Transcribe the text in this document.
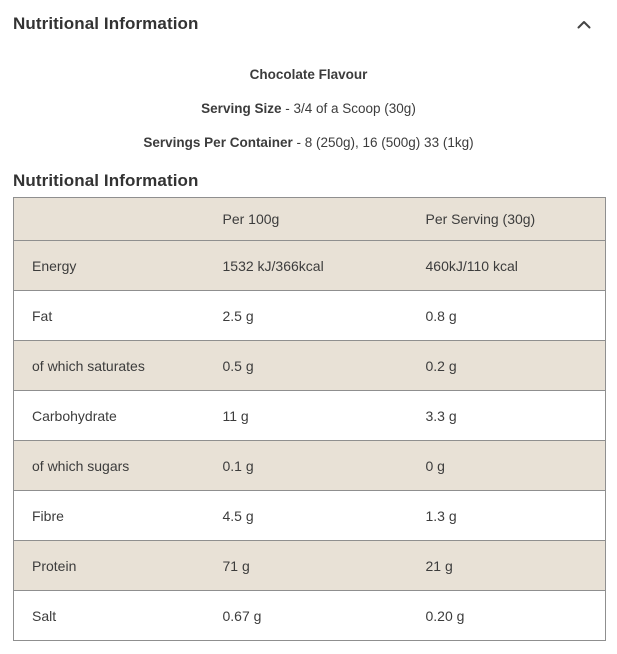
Nutritional Information

Chocolate Flavour

Serving Size - 3/4 of a Scoop (30g)

Servings Per Container - 8 (250g), 16 (500g) 33 (1kg)

Nutritional Information
	Per 100g	Per Serving (30g)
Energy	1532 kJ/366kcal	460kJ/110 kcal
Fat	2.5 g	0.8 g
of which saturates	0.5 g	0.2 g
Carbohydrate	11 g	3.3 g
of which sugars	0.1 g	0 g
Fibre	4.5 g	1.3 g
Protein	71 g	21 g
Salt	0.67 g	0.20 g
